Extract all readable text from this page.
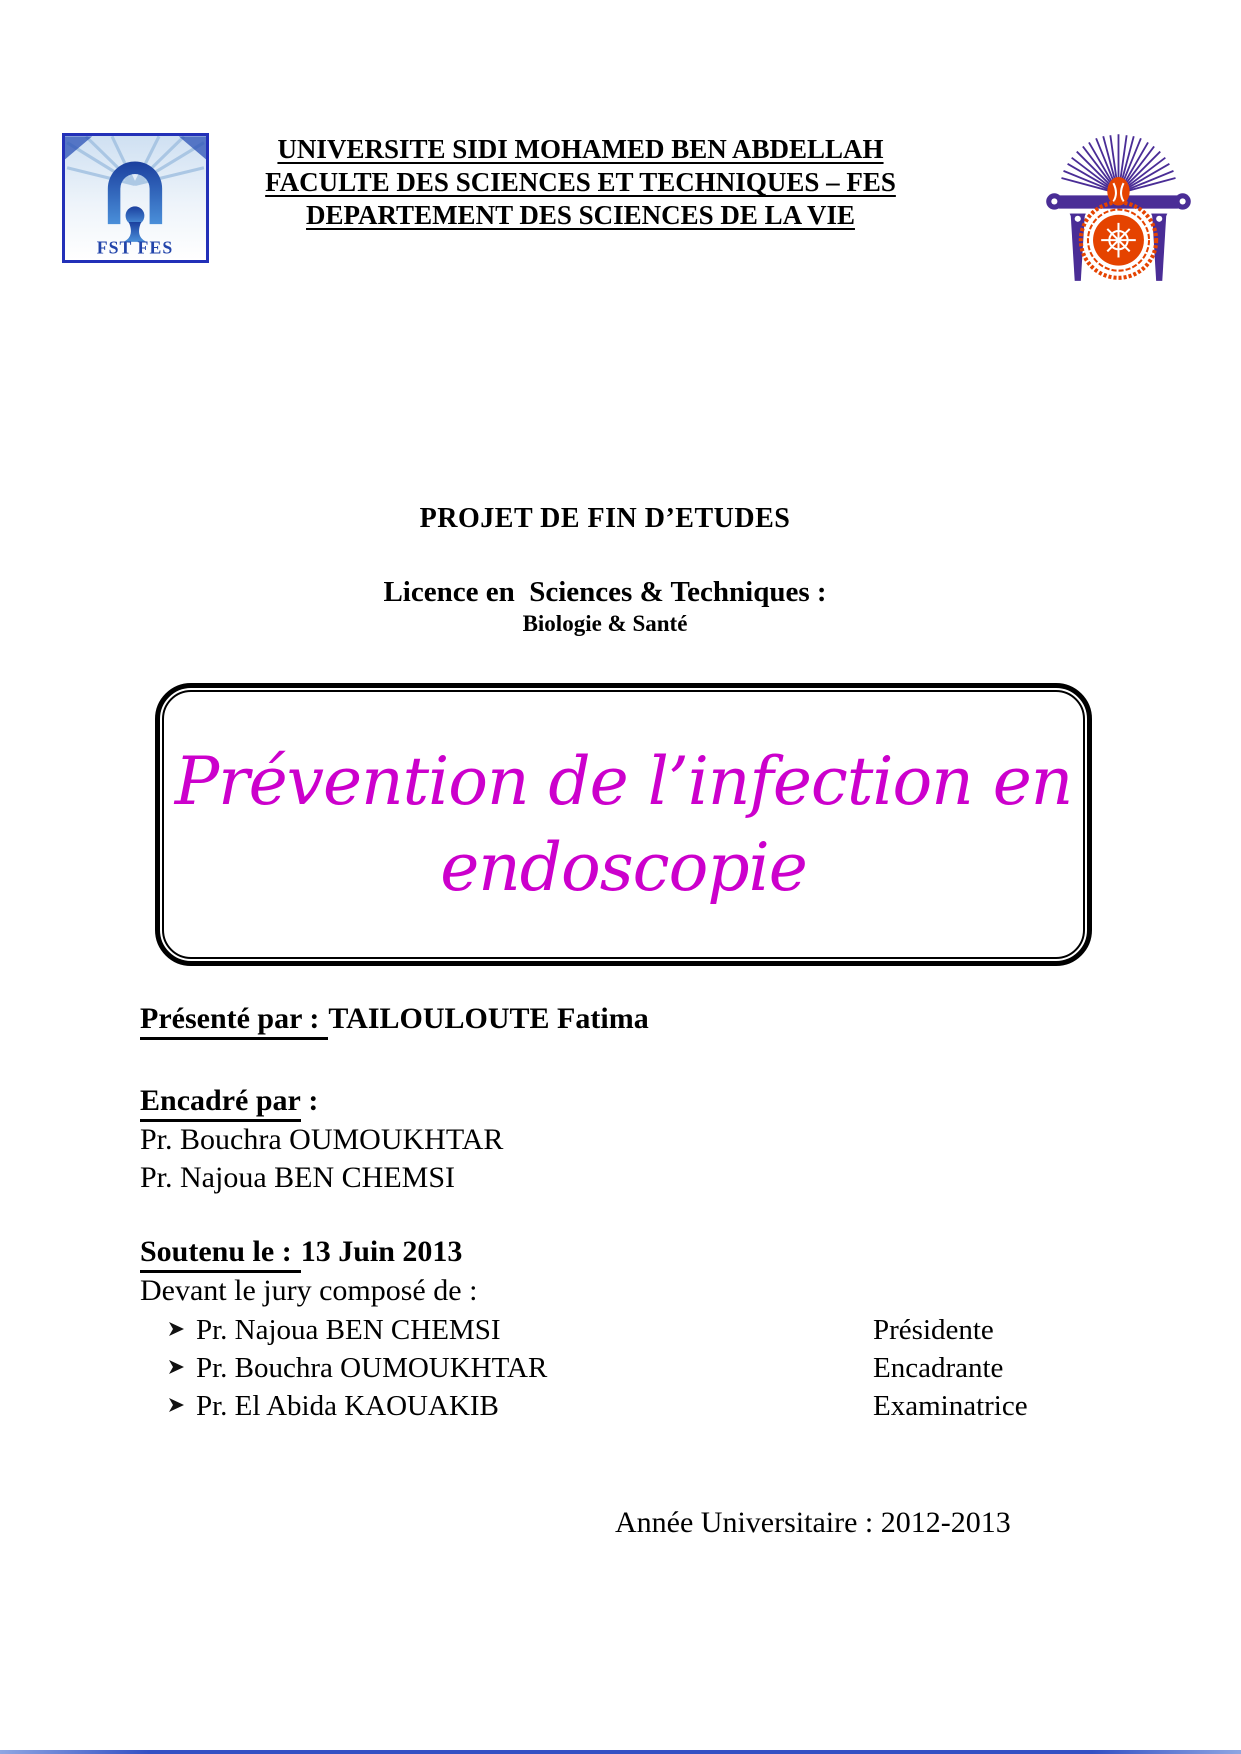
FST FES
UNIVERSITE SIDI MOHAMED BEN ABDELLAH
FACULTE DES SCIENCES ET TECHNIQUES – FES
DEPARTEMENT DES SCIENCES DE LA VIE
PROJET DE FIN D’ETUDES
Licence en  Sciences & Techniques :
Biologie & Santé
Prévention de l’infection en
endoscopie
Présenté par : TAILOULOUTE Fatima
Encadré par :
Pr. Bouchra OUMOUKHTAR
Pr. Najoua BEN CHEMSI
Soutenu le : 13 Juin 2013
Devant le jury composé de :
Pr. Najoua BEN CHEMSI	Présidente
Pr. Bouchra OUMOUKHTAR	Encadrante
Pr. El Abida KAOUAKIB	Examinatrice
Année Universitaire : 2012-2013
